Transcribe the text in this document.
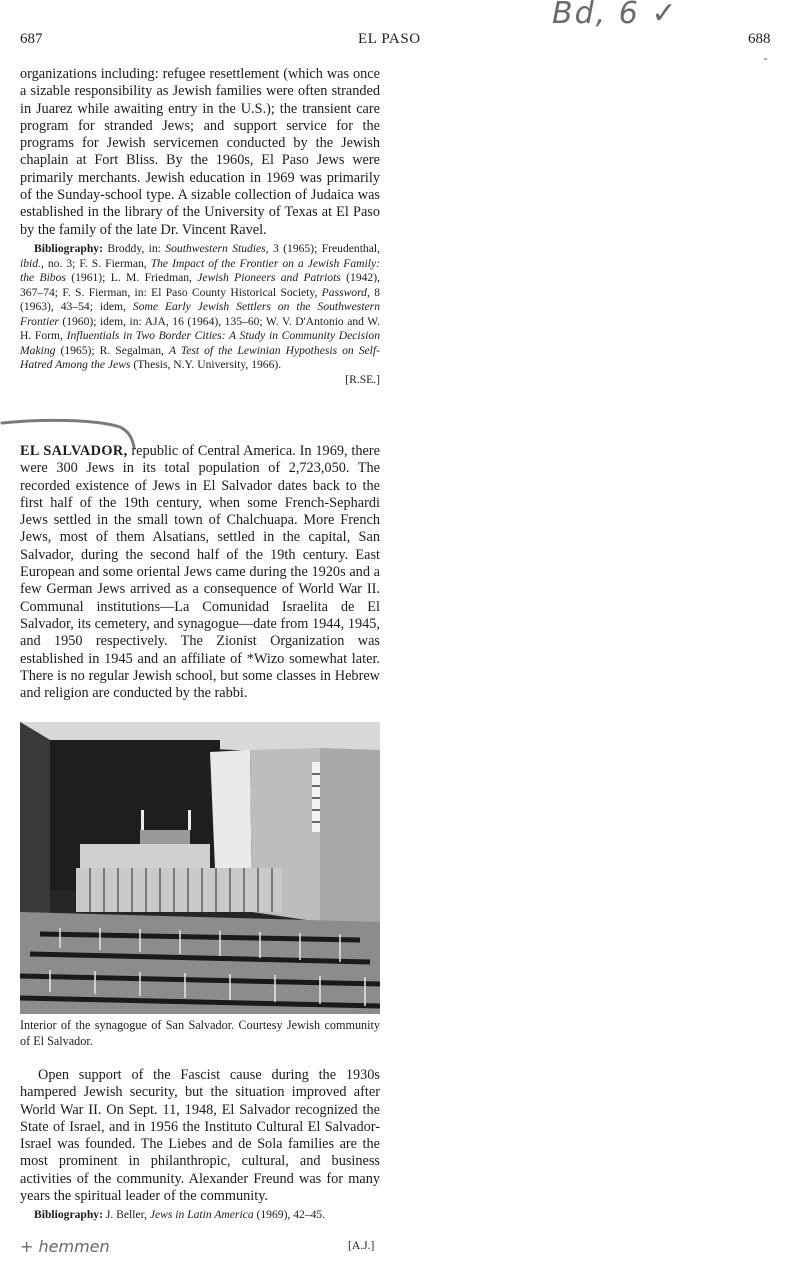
687	EL PASO	688
Bd, 6 ✓

organizations including: refugee resettlement (which was once a sizable responsibility as Jewish families were often stranded in Juarez while awaiting entry in the U.S.); the transient care program for stranded Jews; and support service for the programs for Jewish servicemen conducted by the Jewish chaplain at Fort Bliss. By the 1960s, El Paso Jews were primarily merchants. Jewish education in 1969 was primarily of the Sunday-school type. A sizable collection of Judaica was established in the library of the University of Texas at El Paso by the family of the late Dr. Vincent Ravel.

Bibliography: Broddy, in: Southwestern Studies, 3 (1965); Freudenthal, ibid., no. 3; F. S. Fierman, The Impact of the Frontier on a Jewish Family: the Bibos (1961); L. M. Friedman, Jewish Pioneers and Patriots (1942), 367–74; F. S. Fierman, in: El Paso County Historical Society, Password, 8 (1963), 43–54; idem, Some Early Jewish Settlers on the Southwestern Frontier (1960); idem, in: AJA, 16 (1964), 135–60; W. V. D'Antonio and W. H. Form, Influentials in Two Border Cities: A Study in Community Decision Making (1965); R. Segalman, A Test of the Lewinian Hypothesis on Self-Hatred Among the Jews (Thesis, N.Y. University, 1966).

[R.SE.]

EL SALVADOR, republic of Central America. In 1969, there were 300 Jews in its total population of 2,723,050. The recorded existence of Jews in El Salvador dates back to the first half of the 19th century, when some French-Sephardi Jews settled in the small town of Chalchuapa. More French Jews, most of them Alsatians, settled in the capital, San Salvador, during the second half of the 19th century. East European and some oriental Jews came during the 1920s and a few German Jews arrived as a consequence of World War II. Communal institutions—La Comunidad Israelita de El Salvador, its cemetery, and synagogue—date from 1944, 1945, and 1950 respectively. The Zionist Organization was established in 1945 and an affiliate of *Wizo somewhat later. There is no regular Jewish school, but some classes in Hebrew and religion are conducted by the rabbi.

Interior of the synagogue of San Salvador. Courtesy Jewish community of El Salvador.

Open support of the Fascist cause during the 1930s hampered Jewish security, but the situation improved after World War II. On Sept. 11, 1948, El Salvador recognized the State of Israel, and in 1956 the Instituto Cultural El Salvador-Israel was founded. The Liebes and de Sola families are the most prominent in philanthropic, cultural, and business activities of the community. Alexander Freund was for many years the spiritual leader of the community.

Bibliography: J. Beller, Jews in Latin America (1969), 42–45.

+ hemmen	[A.J.]
